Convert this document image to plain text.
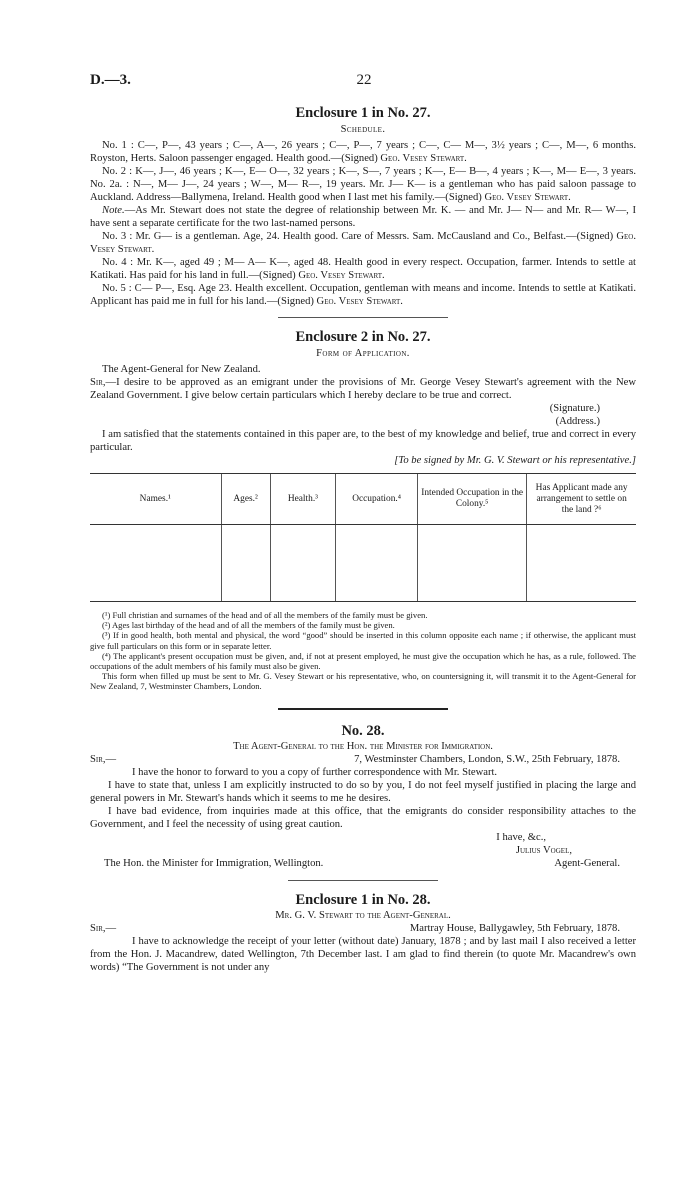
D.—3.	22
Enclosure 1 in No. 27.
Schedule.

No. 1 : C—, P—, 43 years ; C—, A—, 26 years ; C—, P—, 7 years ; C—, C— M—, 3½ years ; C—, M—, 6 months. Royston, Herts. Saloon passenger engaged. Health good.—(Signed) Geo. Vesey Stewart.

No. 2 : K—, J—, 46 years ; K—, E— O—, 32 years ; K—, S—, 7 years ; K—, E— B—, 4 years ; K—, M— E—, 3 years. No. 2a. : N—, M— J—, 24 years ; W—, M— R—, 19 years. Mr. J— K— is a gentleman who has paid saloon passage to Auckland. Address—Ballymena, Ireland. Health good when I last met his family.—(Signed) Geo. Vesey Stewart.

Note.—As Mr. Stewart does not state the degree of relationship between Mr. K. — and Mr. J— N— and Mr. R— W—, I have sent a separate certificate for the two last-named persons.

No. 3 : Mr. G— is a gentleman. Age, 24. Health good. Care of Messrs. Sam. McCausland and Co., Belfast.—(Signed) Geo. Vesey Stewart.

No. 4 : Mr. K—, aged 49 ; M— A— K—, aged 48. Health good in every respect. Occupation, farmer. Intends to settle at Katikati. Has paid for his land in full.—(Signed) Geo. Vesey Stewart.

No. 5 : C— P—, Esq. Age 23. Health excellent. Occupation, gentleman with means and income. Intends to settle at Katikati. Applicant has paid me in full for his land.—(Signed) Geo. Vesey Stewart.

Enclosure 2 in No. 27.
Form of Application.

The Agent-General for New Zealand.

Sir,—I desire to be approved as an emigrant under the provisions of Mr. George Vesey Stewart's agreement with the New Zealand Government. I give below certain particulars which I hereby declare to be true and correct.

(Signature.)
(Address.)

I am satisfied that the statements contained in this paper are, to the best of my knowledge and belief, true and correct in every particular.

[To be signed by Mr. G. V. Stewart or his representative.]
Names.¹	Ages.²	Health.³	Occupation.⁴	Intended Occupation in the Colony.⁵	Has Applicant made any arrangement to settle on the land ?⁶

(¹) Full christian and surnames of the head and of all the members of the family must be given.

(²) Ages last birthday of the head and of all the members of the family must be given.

(³) If in good health, both mental and physical, the word “good” should be inserted in this column opposite each name ; if otherwise, the applicant must give full particulars on this form or in separate letter.

(⁴) The applicant's present occupation must be given, and, if not at present employed, he must give the occupation which he has, as a rule, followed. The occupations of the adult members of his family must also be given.

This form when filled up must be sent to Mr. G. Vesey Stewart or his representative, who, on countersigning it, will transmit it to the Agent-General for New Zealand, 7, Westminster Chambers, London.

No. 28.
The Agent-General to the Hon. the Minister for Immigration.
Sir,—	7, Westminster Chambers, London, S.W., 25th February, 1878.

I have the honor to forward to you a copy of further correspondence with Mr. Stewart.

I have to state that, unless I am explicitly instructed to do so by you, I do not feel myself justified in placing the large and general powers in Mr. Stewart's hands which it seems to me he desires.

I have bad evidence, from inquiries made at this office, that the emigrants do consider responsibility attaches to the Government, and I feel the necessity of using great caution.

I have, &c.,
Julius Vogel,
The Hon. the Minister for Immigration, Wellington.	Agent-General.
Enclosure 1 in No. 28.
Mr. G. V. Stewart to the Agent-General.
Sir,—	Martray House, Ballygawley, 5th February, 1878.

I have to acknowledge the receipt of your letter (without date) January, 1878 ; and by last mail I also received a letter from the Hon. J. Macandrew, dated Wellington, 7th December last. I am glad to find therein (to quote Mr. Macandrew's own words) “The Government is not under any
